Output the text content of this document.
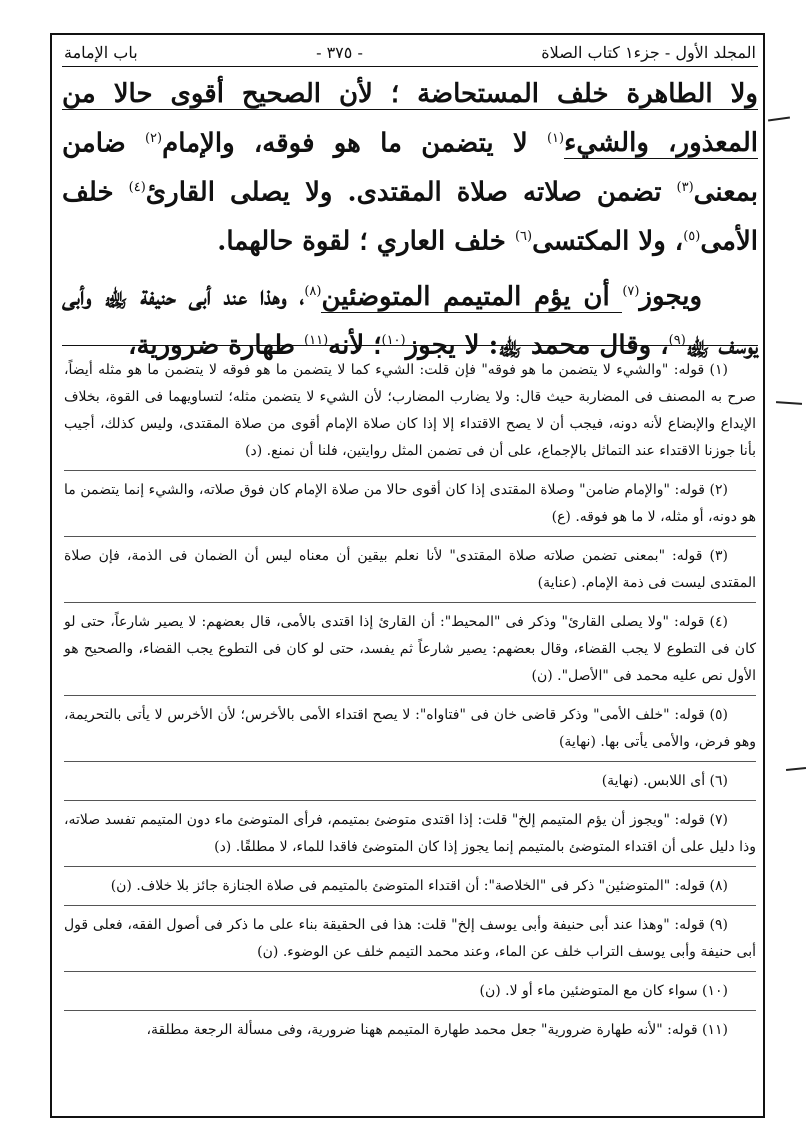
المجلد الأول - جزء١ كتاب الصلاة
- ٣٧٥ -
باب الإمامة

ولا الطاهرة خلف المستحاضة ؛ لأن الصحيح أقوى حالا من المعذور، والشيء$^{(١)}$ لا يتضمن ما هو فوقه، والإمام$^{(٢)}$ ضامن بمعنى$^{(٣)}$ تضمن صلاته صلاة المقتدى. ولا يصلى القارئ$^{(٤)}$ خلف الأمى$^{(٥)}$، ولا المكتسى$^{(٦)}$ خلف العاري ؛ لقوة حالهما.

ويجوز$^{(٧)}$ أن يؤم المتيمم المتوضئين$^{(٨)}$، وهذا عند أبى حنيفة ﵀ وأبى يوسف ﵀$^{(٩)}$، وقال محمد ﵀: لا يجوز$^{(١٠)}$؛ لأنه$^{(١١)}$ طهارة ضرورية،

(١) قوله: "والشيء لا يتضمن ما هو فوقه" فإن قلت: الشيء كما لا يتضمن ما هو فوقه لا يتضمن ما هو مثله أيضاً، صرح به المصنف فى المضاربة حيث قال: ولا يضارب المضارب؛ لأن الشيء لا يتضمن مثله؛ لتساويهما فى القوة، بخلاف الإيداع والإبضاع لأنه دونه، فيجب أن لا يصح الاقتداء إلا إذا كان صلاة الإمام أقوى من صلاة المقتدى، وليس كذلك، أجيب بأنا جوزنا الاقتداء عند التماثل بالإجماع، على أن فى تضمن المثل روايتين، فلنا أن نمنع. (د)

(٢) قوله: "والإمام ضامن" وصلاة المقتدى إذا كان أقوى حالا من صلاة الإمام كان فوق صلاته، والشيء إنما يتضمن ما هو دونه، أو مثله، لا ما هو فوقه. (ع)

(٣) قوله: "بمعنى تضمن صلاته صلاة المقتدى" لأنا نعلم بيقين أن معناه ليس أن الضمان فى الذمة، فإن صلاة المقتدى ليست فى ذمة الإمام. (عناية)

(٤) قوله: "ولا يصلى القارئ" وذكر فى "المحيط": أن القارئ إذا اقتدى بالأمى، قال بعضهم: لا يصير شارعاً، حتى لو كان فى التطوع لا يجب القضاء، وقال بعضهم: يصير شارعاً ثم يفسد، حتى لو كان فى التطوع يجب القضاء، والصحيح هو الأول نص عليه محمد فى "الأصل". (ن)

(٥) قوله: "خلف الأمى" وذكر قاضى خان فى "فتاواه": لا يصح اقتداء الأمى بالأخرس؛ لأن الأخرس لا يأتى بالتحريمة، وهو فرض، والأمى يأتى بها. (نهاية)

(٦) أى اللابس. (نهاية)

(٧) قوله: "ويجوز أن يؤم المتيمم إلخ" قلت: إذا اقتدى متوضئ بمتيمم، فرأى المتوضئ ماء دون المتيمم تفسد صلاته، وذا دليل على أن اقتداء المتوضئ بالمتيمم إنما يجوز إذا كان المتوضئ فاقدا للماء، لا مطلقًا. (د)

(٨) قوله: "المتوضئين" ذكر فى "الخلاصة": أن اقتداء المتوضئ بالمتيمم فى صلاة الجنازة جائز بلا خلاف. (ن)

(٩) قوله: "وهذا عند أبى حنيفة وأبى يوسف إلخ" قلت: هذا فى الحقيقة بناء على ما ذكر فى أصول الفقه، فعلى قول أبى حنيفة وأبى يوسف التراب خلف عن الماء، وعند محمد التيمم خلف عن الوضوء. (ن)

(١٠) سواء كان مع المتوضئين ماء أو لا. (ن)

(١١) قوله: "لأنه طهارة ضرورية" جعل محمد طهارة المتيمم ههنا ضرورية، وفى مسألة الرجعة مطلقة،
